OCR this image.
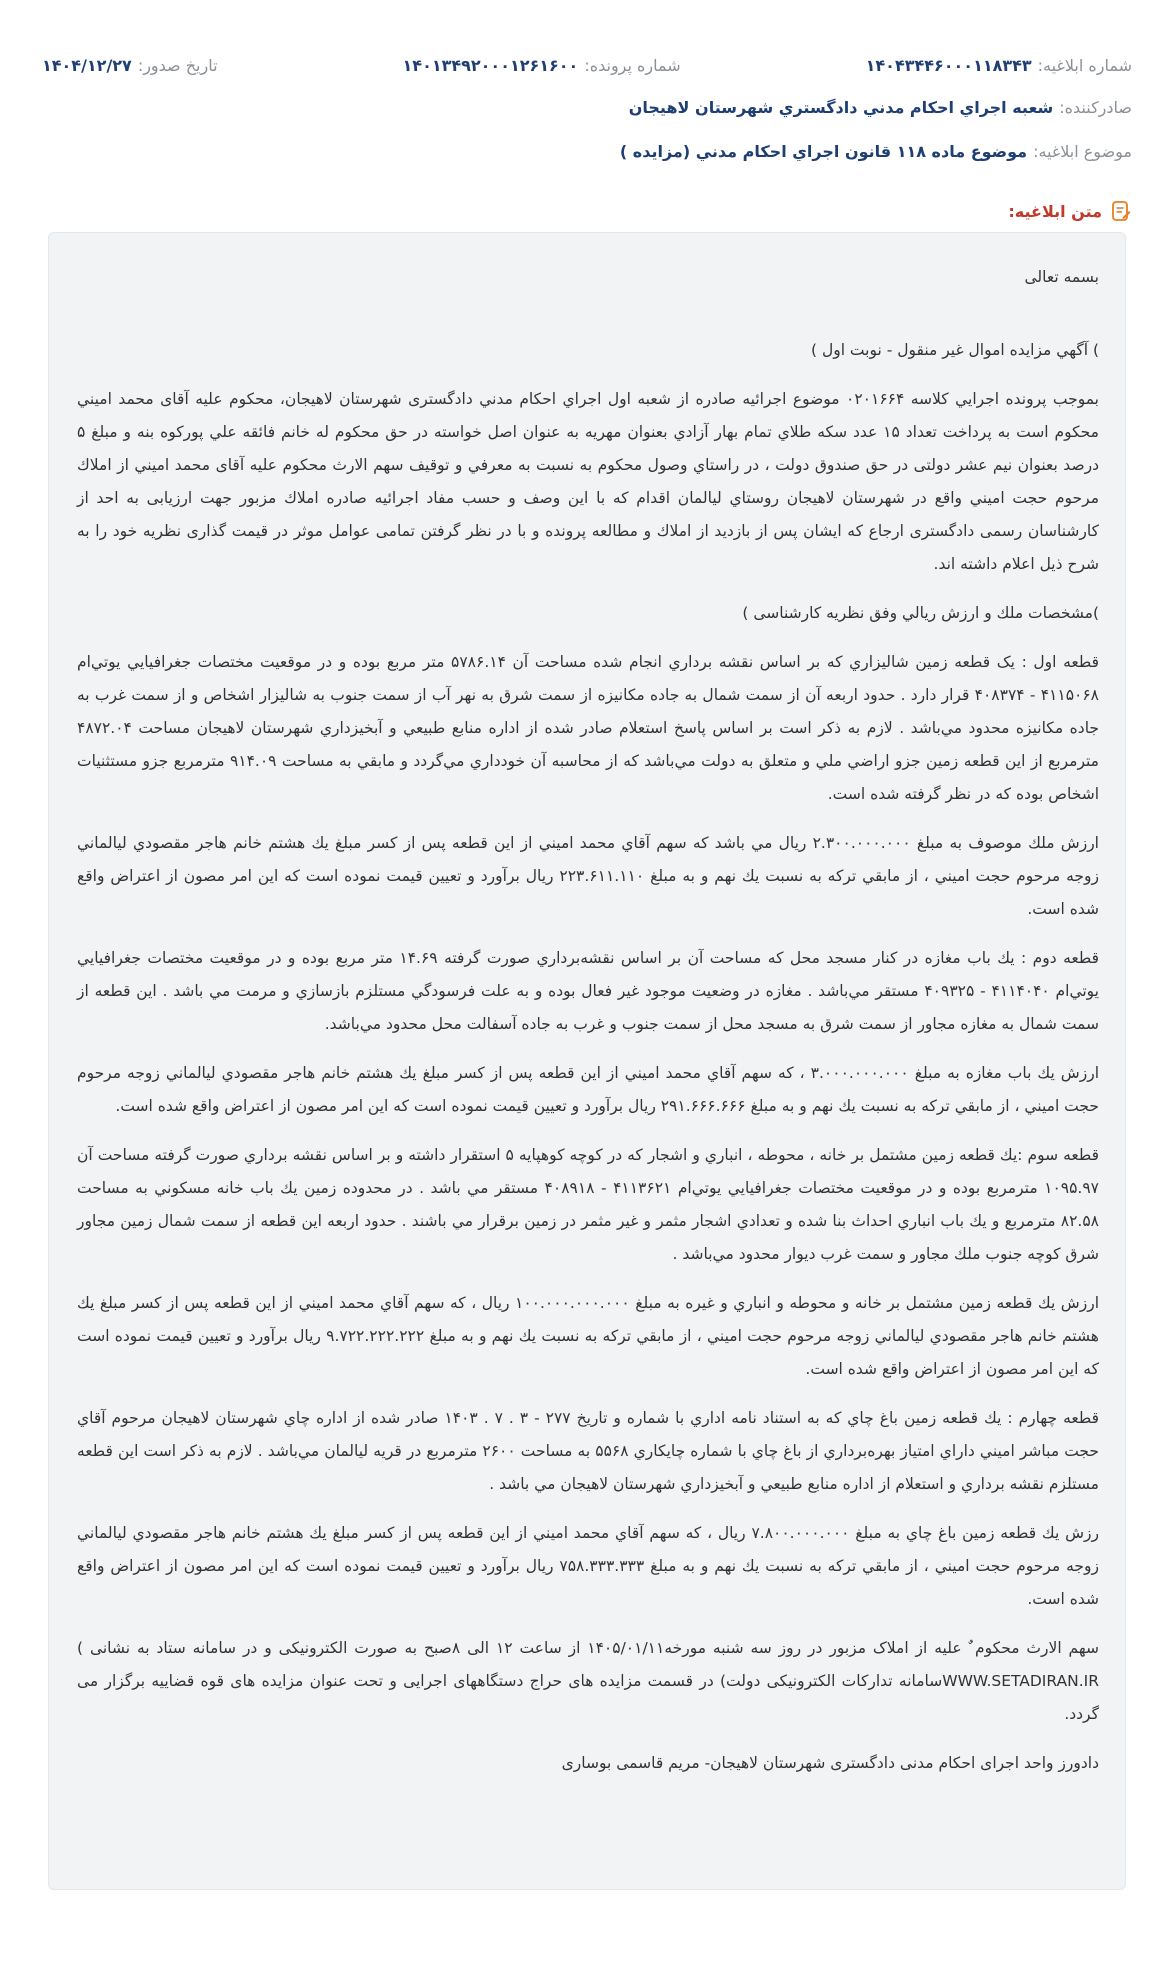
شماره ابلاغيه:
۱۴۰۴۳۴۴۶۰۰۰۱۱۸۳۴۳
شماره پرونده:
۱۴۰۱۳۴۹۲۰۰۰۱۲۶۱۶۰۰
تاريخ صدور:
۱۴۰۴/۱۲/۲۷
صادرکننده:
شعبه اجراي احكام مدني دادگستري شهرستان لاهيجان
موضوع ابلاغيه:
موضوع ماده ۱۱۸ قانون اجراي احكام مدني (مزايده )
متن ابلاغيه:

بسمه تعالی

) آگهي مزايده اموال غير منقول - نوبت اول )

بموجب پرونده اجرايي كلاسه ۰۲۰۱۶۶۴ موضوع اجرائيه صادره از شعبه اول اجراي احكام مدني دادگستری شهرستان لاهيجان، محكوم عليه آقای محمد اميني محكوم است به پرداخت تعداد ۱۵ عدد سكه طلاي تمام بهار آزادي بعنوان مهريه به عنوان اصل خواسته در حق محكوم له خانم فائقه علي پوركوه بنه و مبلغ ۵ درصد بعنوان نيم عشر دولتی در حق صندوق دولت ، در راستاي وصول محكوم به نسبت به معرفي و توقيف سهم الارث محكوم عليه آقای محمد اميني از املاك مرحوم حجت اميني واقع در شهرستان لاهيجان روستاي ليالمان اقدام كه با اين وصف و حسب مفاد اجرائيه صادره املاك مزبور جهت ارزيابی به احد از كارشناسان رسمی دادگستری ارجاع كه ايشان پس از بازديد از املاك و مطالعه پرونده و با در نظر گرفتن تمامی عوامل موثر در قيمت گذاری نظريه خود را به شرح ذيل اعلام داشته اند.

)مشخصات ملك و ارزش ريالي وفق نظريه كارشناسی )

قطعه اول : يک قطعه زمين شاليزاري كه بر اساس نقشه برداري انجام شده مساحت آن ۵۷۸۶.۱۴ متر مربع بوده و در موقعيت مختصات جغرافيايي يوتي‌ام ۴۱۱۵۰۶۸ - ۴۰۸۳۷۴ قرار دارد . حدود اربعه آن از سمت شمال به جاده مكانيزه از سمت شرق به نهر آب از سمت جنوب به شاليزار اشخاص و از سمت غرب به جاده مكانيزه محدود مي‌باشد . لازم به ذكر است بر اساس پاسخ استعلام صادر شده از اداره منابع طبيعي و آبخيزداري شهرستان لاهيجان مساحت ۴۸۷۲.۰۴ مترمربع از اين قطعه زمين جزو اراضي ملي و متعلق به دولت مي‌باشد كه از محاسبه آن خودداري مي‌گردد و مابقي به مساحت ۹۱۴.۰۹ مترمربع جزو مستثنيات اشخاص بوده كه در نظر گرفته شده است.

ارزش ملك موصوف به مبلغ ۲.۳۰۰.۰۰۰.۰۰۰ ريال مي باشد كه سهم آقاي محمد اميني از اين قطعه پس از كسر مبلغ يك هشتم خانم هاجر مقصودي ليالماني زوجه مرحوم حجت اميني ، از مابقي تركه به نسبت يك نهم و به مبلغ ۲۲۳.۶۱۱.۱۱۰ ريال برآورد و تعيين قيمت نموده است كه اين امر مصون از اعتراض واقع شده است.

قطعه دوم : يك باب مغازه در كنار مسجد محل كه مساحت آن بر اساس نقشه‌برداري صورت گرفته ۱۴.۶۹ متر مربع بوده و در موقعيت مختصات جغرافيايي يوتي‌ام ۴۱۱۴۰۴۰ - ۴۰۹۳۲۵ مستقر مي‌باشد . مغازه در وضعيت موجود غير فعال بوده و به علت فرسودگي مستلزم بازسازي و مرمت مي باشد . اين قطعه از سمت شمال به مغازه مجاور از سمت شرق به مسجد محل از سمت جنوب و غرب به جاده آسفالت محل محدود مي‌باشد.

ارزش يك باب مغازه به مبلغ ۳.۰۰۰.۰۰۰.۰۰۰ ، كه سهم آقاي محمد اميني از اين قطعه پس از كسر مبلغ يك هشتم خانم هاجر مقصودي ليالماني زوجه مرحوم حجت اميني ، از مابقي تركه به نسبت يك نهم و به مبلغ ۲۹۱.۶۶۶.۶۶۶ ريال برآورد و تعيين قيمت نموده است كه اين امر مصون از اعتراض واقع شده است.

قطعه سوم :يك قطعه زمين مشتمل بر خانه ، محوطه ، انباري و اشجار كه در كوچه كوهپايه ۵ استقرار داشته و بر اساس نقشه برداري صورت گرفته مساحت آن ۱۰۹۵.۹۷ مترمربع بوده و در موقعيت مختصات جغرافيايي يوتي‌ام ۴۱۱۳۶۲۱ - ۴۰۸۹۱۸ مستقر مي باشد . در محدوده زمين يك باب خانه مسكوني به مساحت ۸۲.۵۸ مترمربع و يك باب انباري احداث بنا شده و تعدادي اشجار مثمر و غير مثمر در زمين برقرار مي باشند . حدود اربعه اين قطعه از سمت شمال زمين مجاور شرق كوچه جنوب ملك مجاور و سمت غرب ديوار محدود مي‌باشد .

ارزش يك قطعه زمين مشتمل بر خانه و محوطه و انباري و غيره به مبلغ ۱۰۰.۰۰۰.۰۰۰.۰۰۰ ريال ، كه سهم آقاي محمد اميني از اين قطعه پس از كسر مبلغ يك هشتم خانم هاجر مقصودي ليالماني زوجه مرحوم حجت اميني ، از مابقي تركه به نسبت يك نهم و به مبلغ ۹.۷۲۲.۲۲۲.۲۲۲ ريال برآورد و تعيين قيمت نموده است كه اين امر مصون از اعتراض واقع شده است.

قطعه چهارم : يك قطعه زمين باغ چاي كه به استناد نامه اداري با شماره و تاريخ ۲۷۷ - ۳ . ۷ . ۱۴۰۳ صادر شده از اداره چاي شهرستان لاهيجان مرحوم آقاي حجت مباشر اميني داراي امتياز بهره‌برداري از باغ چاي با شماره چايكاري ۵۵۶۸ به مساحت ۲۶۰۰ مترمربع در قريه ليالمان مي‌باشد . لازم به ذكر است اين قطعه مستلزم نقشه برداري و استعلام از اداره منابع طبيعي و آبخيزداري شهرستان لاهيجان مي باشد .

رزش يك قطعه زمين باغ چاي به مبلغ ۷.۸۰۰.۰۰۰.۰۰۰ ريال ، كه سهم آقاي محمد اميني از اين قطعه پس از كسر مبلغ يك هشتم خانم هاجر مقصودي ليالماني زوجه مرحوم حجت اميني ، از مابقي تركه به نسبت يك نهم و به مبلغ ۷۵۸.۳۳۳.۳۳۳ ريال برآورد و تعيين قيمت نموده است كه اين امر مصون از اعتراض واقع شده است.

سهم الارث محكوم ٌ عليه از املاک مزبور در روز سه شنبه مورخه۱۴۰۵/۰۱/۱۱ از ساعت ۱۲ الی ۸صبح به صورت الکترونیکی و در سامانه ستاد به نشانی ) WWW.SETADIRAN.IRسامانه تدارکات الکترونیکی دولت) در قسمت مزایده های حراج دستگاههای اجرایی و تحت عنوان مزایده های قوه قضاییه برگزار می گردد.

دادورز واحد اجرای احکام مدنی دادگستری شهرستان لاهیجان- مریم قاسمی بوساری
